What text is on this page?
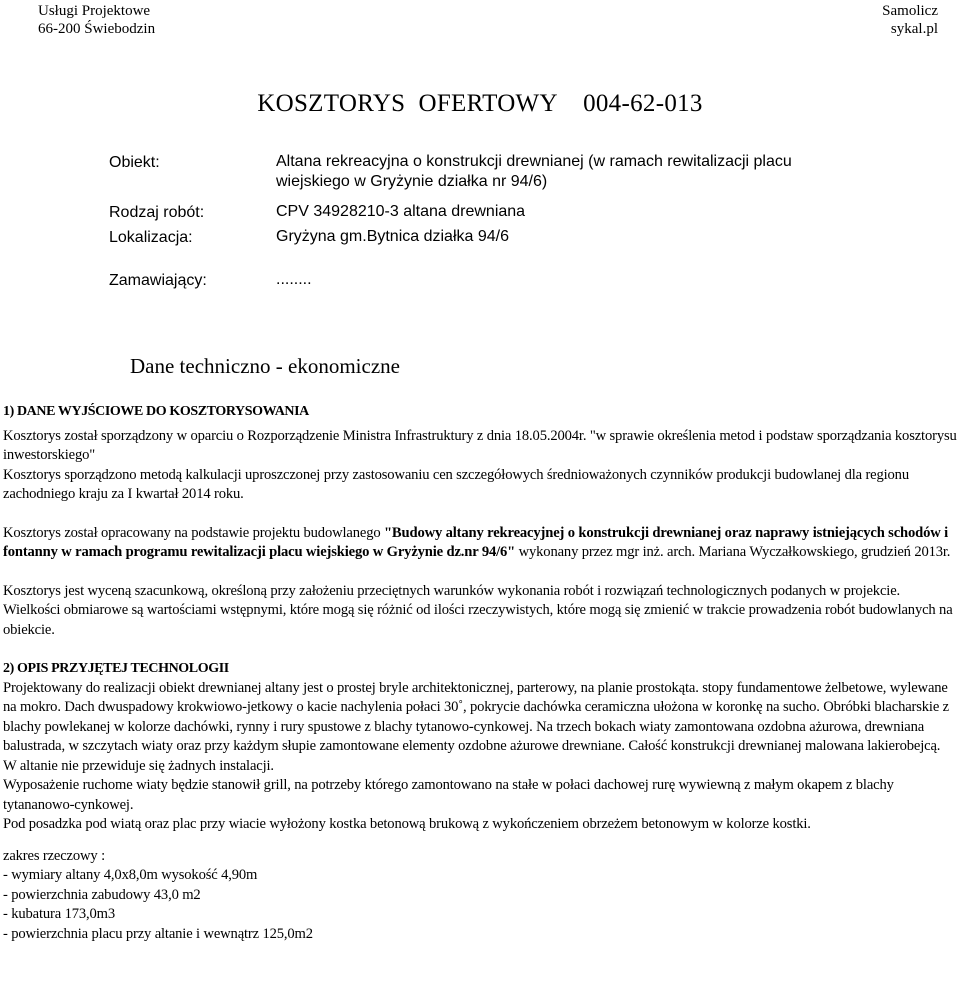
Usługi Projektowe
66-200 Świebodzin
Samolicz
sykal.pl
KOSZTORYS  OFERTOWY    004-62-013
Obiekt:	Altana rekreacyjna o konstrukcji drewnianej (w ramach rewitalizacji placu
wiejskiego w Gryżynie działka nr 94/6)
Rodzaj robót:	CPV 34928210-3 altana drewniana
Lokalizacja:	Gryżyna gm.Bytnica działka 94/6
Zamawiający:	........
Dane techniczno - ekonomiczne

1) DANE WYJŚCIOWE DO KOSZTORYSOWANIA

Kosztorys został sporządzony w oparciu o Rozporządzenie Ministra Infrastruktury z dnia 18.05.2004r. "w sprawie określenia metod i podstaw sporządzania kosztorysu inwestorskiego"

Kosztorys sporządzono metodą kalkulacji uproszczonej przy zastosowaniu cen szczegółowych średnioważonych czynników produkcji budowlanej dla regionu zachodniego kraju za I kwartał 2014 roku.

Kosztorys został opracowany na podstawie projektu budowlanego "Budowy altany rekreacyjnej o konstrukcji drewnianej oraz naprawy istniejących schodów i fontanny w ramach programu rewitalizacji placu wiejskiego w Gryżynie dz.nr 94/6" wykonany przez mgr inż. arch. Mariana Wyczałkowskiego, grudzień 2013r.

Kosztorys jest wyceną szacunkową, określoną przy założeniu przeciętnych warunków wykonania robót i rozwiązań technologicznych podanych w projekcie. Wielkości obmiarowe są wartościami wstępnymi, które mogą się różnić od ilości rzeczywistych, które mogą się zmienić w trakcie prowadzenia robót budowlanych na obiekcie.

2) OPIS PRZYJĘTEJ TECHNOLOGII

Projektowany do realizacji obiekt drewnianej altany jest o prostej bryle architektonicznej, parterowy, na planie prostokąta. stopy fundamentowe żelbetowe, wylewane na mokro. Dach dwuspadowy krokwiowo-jetkowy o kacie nachylenia połaci 30˚, pokrycie dachówka ceramiczna ułożona w koronkę na sucho. Obróbki blacharskie z blachy powlekanej w kolorze dachówki, rynny i rury spustowe z blachy tytanowo-cynkowej. Na trzech bokach wiaty zamontowana ozdobna ażurowa, drewniana balustrada, w szczytach wiaty oraz przy każdym słupie zamontowane elementy ozdobne ażurowe drewniane. Całość konstrukcji drewnianej malowana lakierobejcą.

W altanie nie przewiduje się żadnych instalacji.

Wyposażenie ruchome wiaty będzie stanowił grill, na potrzeby którego zamontowano na stałe w połaci dachowej rurę wywiewną z małym okapem z blachy tytananowo-cynkowej.

Pod posadzka pod wiatą oraz plac przy wiacie wyłożony kostka betonową brukową z wykończeniem obrzeżem betonowym w kolorze kostki.

zakres rzeczowy :

- wymiary altany 4,0x8,0m wysokość 4,90m

- powierzchnia zabudowy 43,0 m2

- kubatura 173,0m3

- powierzchnia placu przy altanie i wewnątrz 125,0m2
